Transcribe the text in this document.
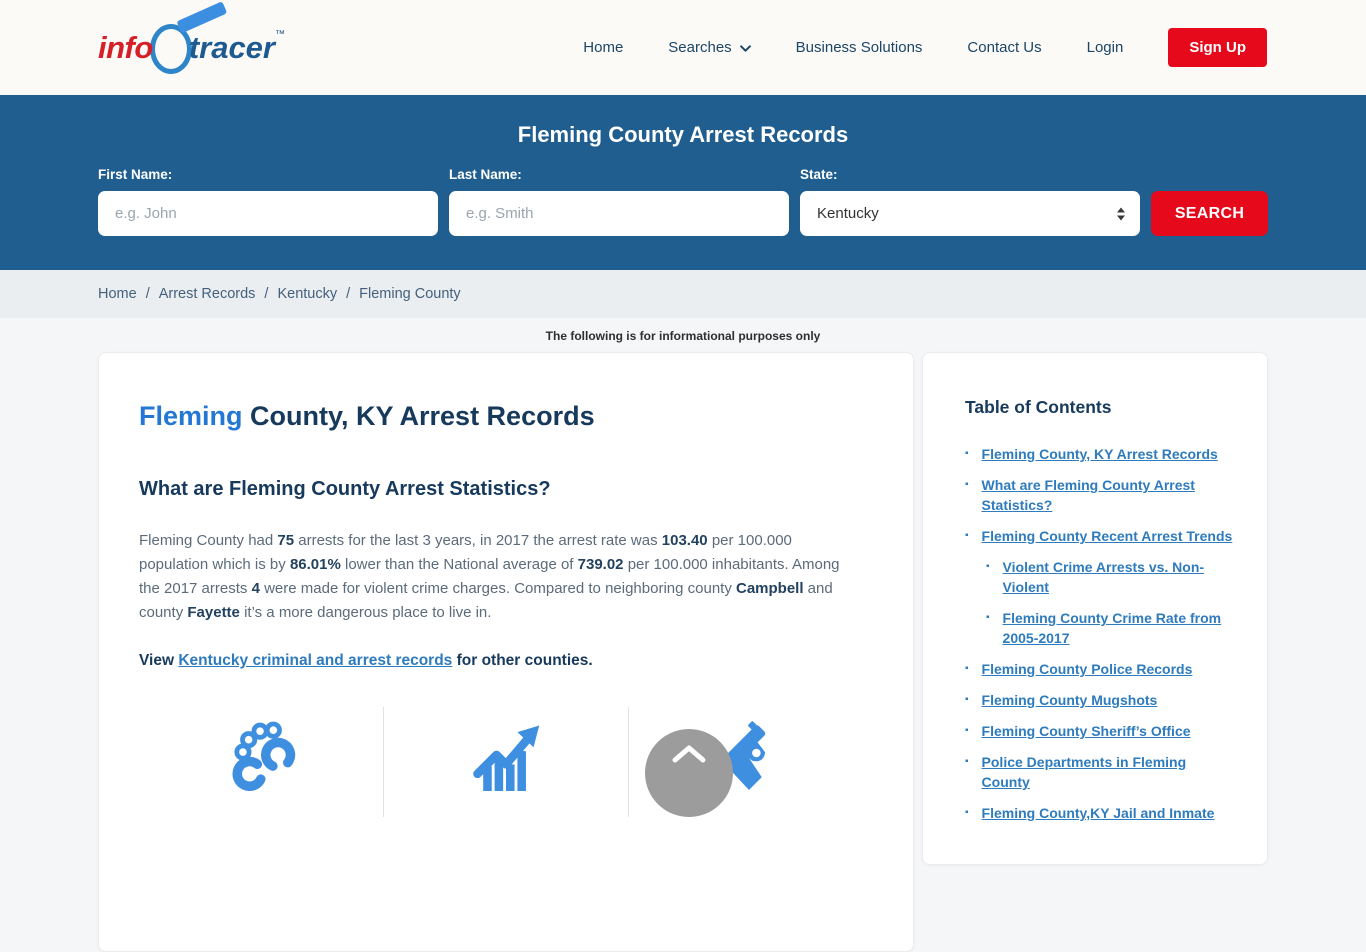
info tracer ™
Home	Searches	Business Solutions	Contact Us	Login	Sign Up
Fleming County Arrest Records
First Name:
e.g. John	Last Name:
e.g. Smith	State:
Kentucky
SEARCH
Home / Arrest Records / Kentucky / Fleming County
The following is for informational purposes only
Fleming County, KY Arrest Records
What are Fleming County Arrest Statistics?

Fleming County had 75 arrests for the last 3 years, in 2017 the arrest rate was 103.40 per 100.000 population which is by 86.01% lower than the National average of 739.02 per 100.000 inhabitants. Among the 2017 arrests 4 were made for violent crime charges. Compared to neighboring county Campbell and county Fayette it’s a more dangerous place to live in.

View Kentucky criminal and arrest records for other counties.

Table of Contents
▪ Fleming County, KY Arrest Records
▪ What are Fleming County Arrest Statistics?
▪ Fleming County Recent Arrest Trends
▪ Violent Crime Arrests vs. Non-Violent
▪ Fleming County Crime Rate from 2005-2017
▪ Fleming County Police Records
▪ Fleming County Mugshots
▪ Fleming County Sheriff’s Office
▪ Police Departments in Fleming County
▪ Fleming County,KY Jail and Inmate
